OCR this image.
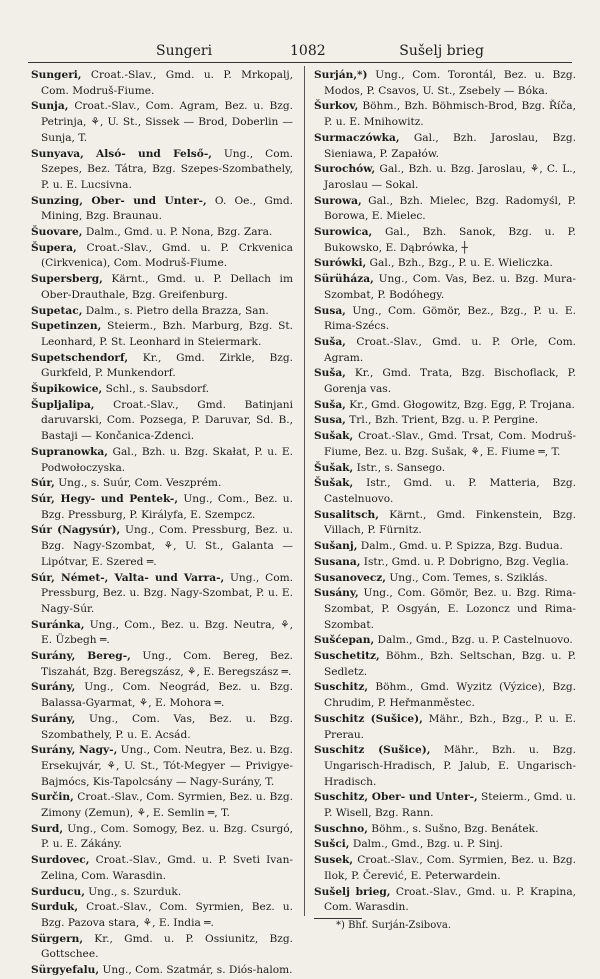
Sungeri	1082	Sušelj brieg

Sungeri, Croat.-Slav., Gmd. u. P. Mrkopalj, Com. Modruš-Fiume.

Sunja, Croat.-Slav., Com. Agram, Bez. u. Bzg. Petrinja, ⚘, U. St., Sissek — Brod, Doberlin — Sunja, T.

Sunyava, Alsó- und Felső-, Ung., Com. Szepes, Bez. Tátra, Bzg. Szepes-Szombathely, P. u. E. Lucsivna.

Sunzing, Ober- und Unter-, O. Oe., Gmd. Mining, Bzg. Braunau.

Šuovare, Dalm., Gmd. u. P. Nona, Bzg. Zara.

Šupera, Croat.-Slav., Gmd. u. P. Crkvenica (Cirkvenica), Com. Modruš-Fiume.

Supersberg, Kärnt., Gmd. u. P. Dellach im Ober-Drauthale, Bzg. Greifenburg.

Supetac, Dalm., s. Pietro della Brazza, San.

Supetinzen, Steierm., Bzh. Marburg, Bzg. St. Leonhard, P. St. Leonhard in Steiermark.

Supetschendorf, Kr., Gmd. Zirkle, Bzg. Gurkfeld, P. Munkendorf.

Šupikowice, Schl., s. Saubsdorf.

Šupljalipa, Croat.-Slav., Gmd. Batinjani daruvarski, Com. Pozsega, P. Daruvar, Sd. B., Bastaji — Končanica-Zdenci.

Supranowka, Gal., Bzh. u. Bzg. Skałat, P. u. E. Podwołoczyska.

Súr, Ung., s. Suúr, Com. Veszprém.

Súr, Hegy- und Pentek-, Ung., Com., Bez. u. Bzg. Pressburg, P. Királyfa, E. Szempcz.

Súr (Nagysúr), Ung., Com. Pressburg, Bez. u. Bzg. Nagy-Szombat, ⚘, U. St., Galanta — Lipótvar, E. Szered ═.

Súr, Német-, Valta- und Varra-, Ung., Com. Pressburg, Bez. u. Bzg. Nagy-Szombat, P. u. E. Nagy-Súr.

Suránka, Ung., Com., Bez. u. Bzg. Neutra, ⚘, E. Üzbegh ═.

Surány, Bereg-, Ung., Com. Bereg, Bez. Tiszahát, Bzg. Beregszász, ⚘, E. Beregszász ═.

Surány, Ung., Com. Neográd, Bez. u. Bzg. Balassa-Gyarmat, ⚘, E. Mohora ═.

Surány, Ung., Com. Vas, Bez. u. Bzg. Szombathely, P. u. E. Acsád.

Surány, Nagy-, Ung., Com. Neutra, Bez. u. Bzg. Ersekujvár, ⚘, U. St., Tót-Megyer — Privigye-Bajmócs, Kis-Tapolcsány — Nagy-Surány, T.

Surčin, Croat.-Slav., Com. Syrmien, Bez. u. Bzg. Zimony (Zemun), ⚘, E. Semlin ═, T.

Surd, Ung., Com. Somogy, Bez. u. Bzg. Csurgó, P. u. E. Zákány.

Surdovec, Croat.-Slav., Gmd. u. P. Sveti Ivan-Zelina, Com. Warasdin.

Surducu, Ung., s. Szurduk.

Surduk, Croat.-Slav., Com. Syrmien, Bez. u. Bzg. Pazova stara, ⚘, E. India ═.

Sürgern, Kr., Gmd. u. P. Ossiunitz, Bzg. Gottschee.

Sürgyefalu, Ung., Com. Szatmár, s. Diós-halom.

Surján,*) Ung., Com. Torontál, Bez. u. Bzg. Modos, P. Csavos, U. St., Zsebely — Bóka.

Šurkov, Böhm., Bzh. Böhmisch-Brod, Bzg. Říča, P. u. E. Mnihowitz.

Surmaczówka, Gal., Bzh. Jaroslau, Bzg. Sieniawa, P. Zapałów.

Surochów, Gal., Bzh. u. Bzg. Jaroslau, ⚘, C. L., Jaroslau — Sokal.

Surowa, Gal., Bzh. Mielec, Bzg. Radomyśl, P. Borowa, E. Mielec.

Surowica, Gal., Bzh. Sanok, Bzg. u. P. Bukowsko, E. Dąbrówka, ┼

Surówki, Gal., Bzh., Bzg., P. u. E. Wieliczka.

Sürüháza, Ung., Com. Vas, Bez. u. Bzg. Mura-Szombat, P. Bodóhegy.

Susa, Ung., Com. Gömör, Bez., Bzg., P. u. E. Rima-Szécs.

Suša, Croat.-Slav., Gmd. u. P. Orle, Com. Agram.

Suša, Kr., Gmd. Trata, Bzg. Bischoflack, P. Gorenja vas.

Suša, Kr., Gmd. Głogowitz, Bzg. Egg, P. Trojana.

Susa, Trl., Bzh. Trient, Bzg. u. P. Pergine.

Sušak, Croat.-Slav., Gmd. Trsat, Com. Modruš-Fiume, Bez. u. Bzg. Sušak, ⚘, E. Fiume ═, T.

Šušak, Istr., s. Sansego.

Šušak, Istr., Gmd. u. P. Matteria, Bzg. Castelnuovo.

Susalitsch, Kärnt., Gmd. Finkenstein, Bzg. Villach, P. Fürnitz.

Sušanj, Dalm., Gmd. u. P. Spizza, Bzg. Budua.

Susana, Istr., Gmd. u. P. Dobrigno, Bzg. Veglia.

Susanovecz, Ung., Com. Temes, s. Sziklás.

Susány, Ung., Com. Gömör, Bez. u. Bzg. Rima-Szombat, P. Osgyán, E. Lozoncz und Rima-Szombat.

Sušćepan, Dalm., Gmd., Bzg. u. P. Castelnuovo.

Suschetitz, Böhm., Bzh. Seltschan, Bzg. u. P. Sedletz.

Suschitz, Böhm., Gmd. Wyzitz (Výzice), Bzg. Chrudim, P. Heřmanměstec.

Suschitz (Sušice), Mähr., Bzh., Bzg., P. u. E. Prerau.

Suschitz (Sušice), Mähr., Bzh. u. Bzg. Ungarisch-Hradisch, P. Jalub, E. Ungarisch-Hradisch.

Suschitz, Ober- und Unter-, Steierm., Gmd. u. P. Wisell, Bzg. Rann.

Suschno, Böhm., s. Sušno, Bzg. Benátek.

Sušci, Dalm., Gmd., Bzg. u. P. Sinj.

Susek, Croat.-Slav., Com. Syrmien, Bez. u. Bzg. Ilok, P. Čerević, E. Peterwardein.

Sušelj brieg, Croat.-Slav., Gmd. u. P. Krapina, Com. Warasdin.

*) Bhf. Surján-Zsibova.
